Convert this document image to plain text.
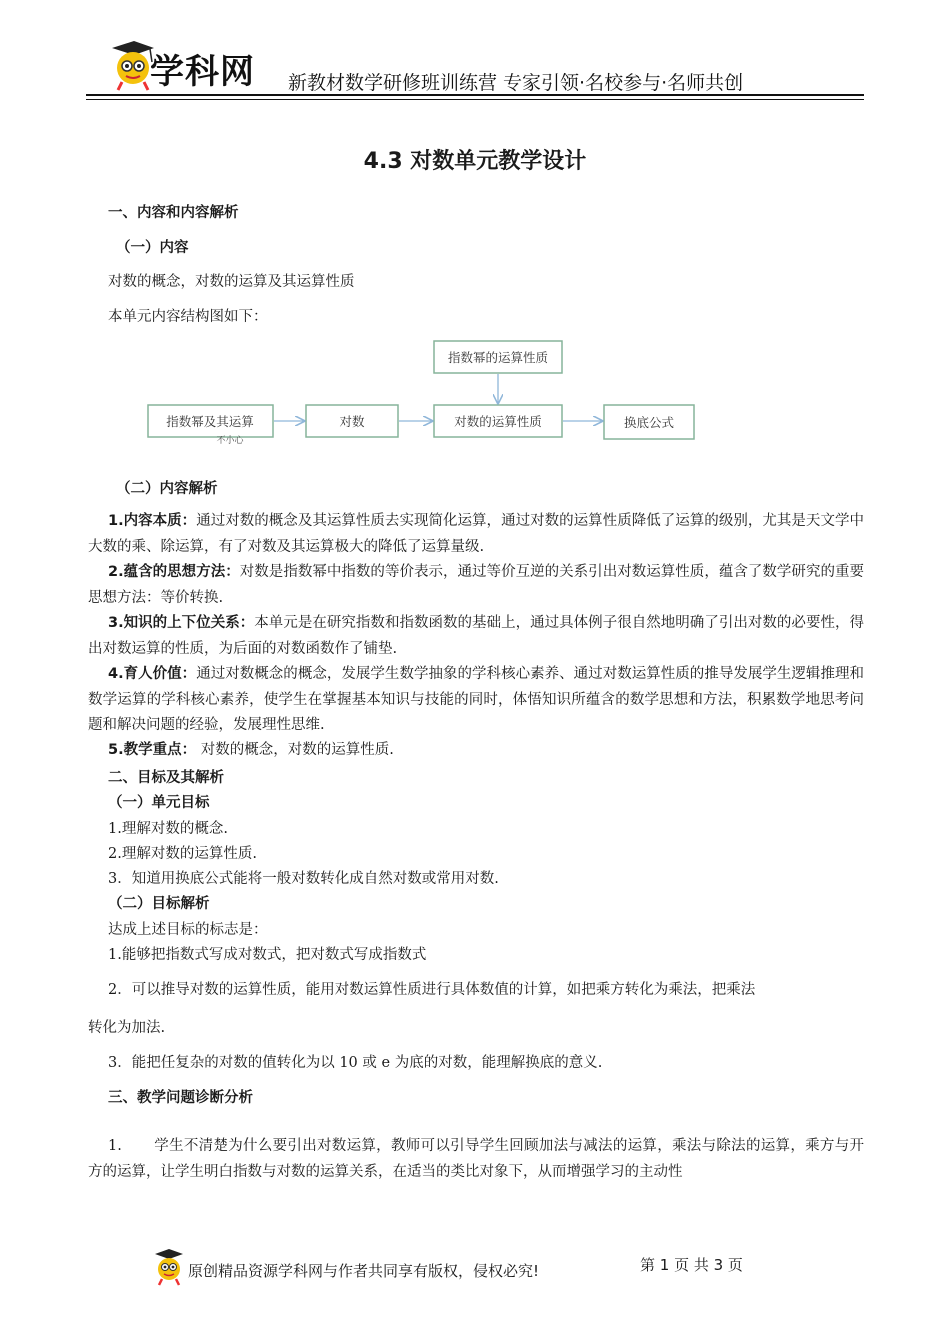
学科网 新教材数学研修班训练营 专家引领·名校参与·名师共创
4.3 对数单元教学设计
一、内容和内容解析
（一）内容
对数的概念，对数的运算及其运算性质
本单元内容结构图如下：
指数幂的运算性质
指数幂及其运算	对数	对数的运算性质	换底公式
不小心
（二）内容解析
1.内容本质：通过对数的概念及其运算性质去实现简化运算，通过对数的运算性质降低了运算的级别，尤其是天文学中大数的乘、除运算，有了对数及其运算极大的降低了运算量级.
2.蕴含的思想方法：对数是指数幂中指数的等价表示，通过等价互逆的关系引出对数运算性质，蕴含了数学研究的重要思想方法：等价转换.
3.知识的上下位关系：本单元是在研究指数和指数函数的基础上，通过具体例子很自然地明确了引出对数的必要性，得出对数运算的性质，为后面的对数函数作了铺垫.
4.育人价值：通过对数概念的概念，发展学生数学抽象的学科核心素养、通过对数运算性质的推导发展学生逻辑推理和数学运算的学科核心素养，使学生在掌握基本知识与技能的同时，体悟知识所蕴含的数学思想和方法，积累数学地思考问题和解决问题的经验，发展理性思维.
5.教学重点： 对数的概念，对数的运算性质.
二、目标及其解析
（一）单元目标
1.理解对数的概念.
2.理解对数的运算性质.
3．知道用换底公式能将一般对数转化成自然对数或常用对数.
（二）目标解析
达成上述目标的标志是：
1.能够把指数式写成对数式，把对数式写成指数式
2．可以推导对数的运算性质，能用对数运算性质进行具体数值的计算，如把乘方转化为乘法，把乘法
转化为加法.
3．能把任复杂的对数的值转化为以 10 或 e 为底的对数，能理解换底的意义.
三、教学问题诊断分析
1. 学生不清楚为什么要引出对数运算，教师可以引导学生回顾加法与减法的运算，乘法与除法的运算，乘方与开方的运算，让学生明白指数与对数的运算关系，在适当的类比对象下，从而增强学习的主动性
原创精品资源学科网与作者共同享有版权，侵权必究!	第 1 页 共 3 页
